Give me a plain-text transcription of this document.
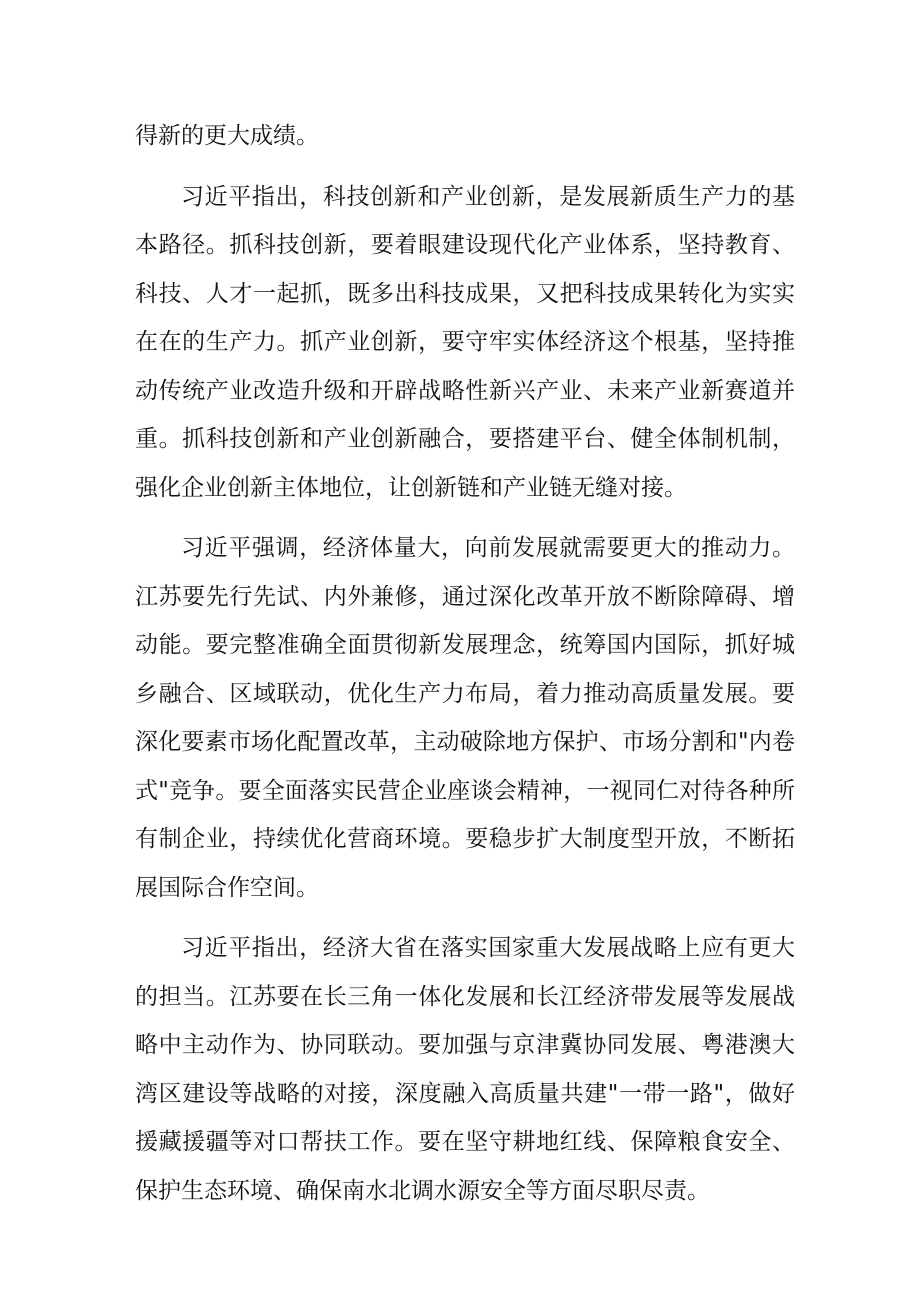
得新的更大成绩。

习近平指出，科技创新和产业创新，是发展新质生产力的基本路径。抓科技创新，要着眼建设现代化产业体系，坚持教育、科技、人才一起抓，既多出科技成果，又把科技成果转化为实实在在的生产力。抓产业创新，要守牢实体经济这个根基，坚持推动传统产业改造升级和开辟战略性新兴产业、未来产业新赛道并重。抓科技创新和产业创新融合，要搭建平台、健全体制机制，强化企业创新主体地位，让创新链和产业链无缝对接。

习近平强调，经济体量大，向前发展就需要更大的推动力。江苏要先行先试、内外兼修，通过深化改革开放不断除障碍、增动能。要完整准确全面贯彻新发展理念，统筹国内国际，抓好城乡融合、区域联动，优化生产力布局，着力推动高质量发展。要深化要素市场化配置改革，主动破除地方保护、市场分割和"内卷式"竞争。要全面落实民营企业座谈会精神，一视同仁对待各种所有制企业，持续优化营商环境。要稳步扩大制度型开放，不断拓展国际合作空间。

习近平指出，经济大省在落实国家重大发展战略上应有更大的担当。江苏要在长三角一体化发展和长江经济带发展等发展战略中主动作为、协同联动。要加强与京津冀协同发展、粤港澳大湾区建设等战略的对接，深度融入高质量共建"一带一路"，做好援藏援疆等对口帮扶工作。要在坚守耕地红线、保障粮食安全、保护生态环境、确保南水北调水源安全等方面尽职尽责。
